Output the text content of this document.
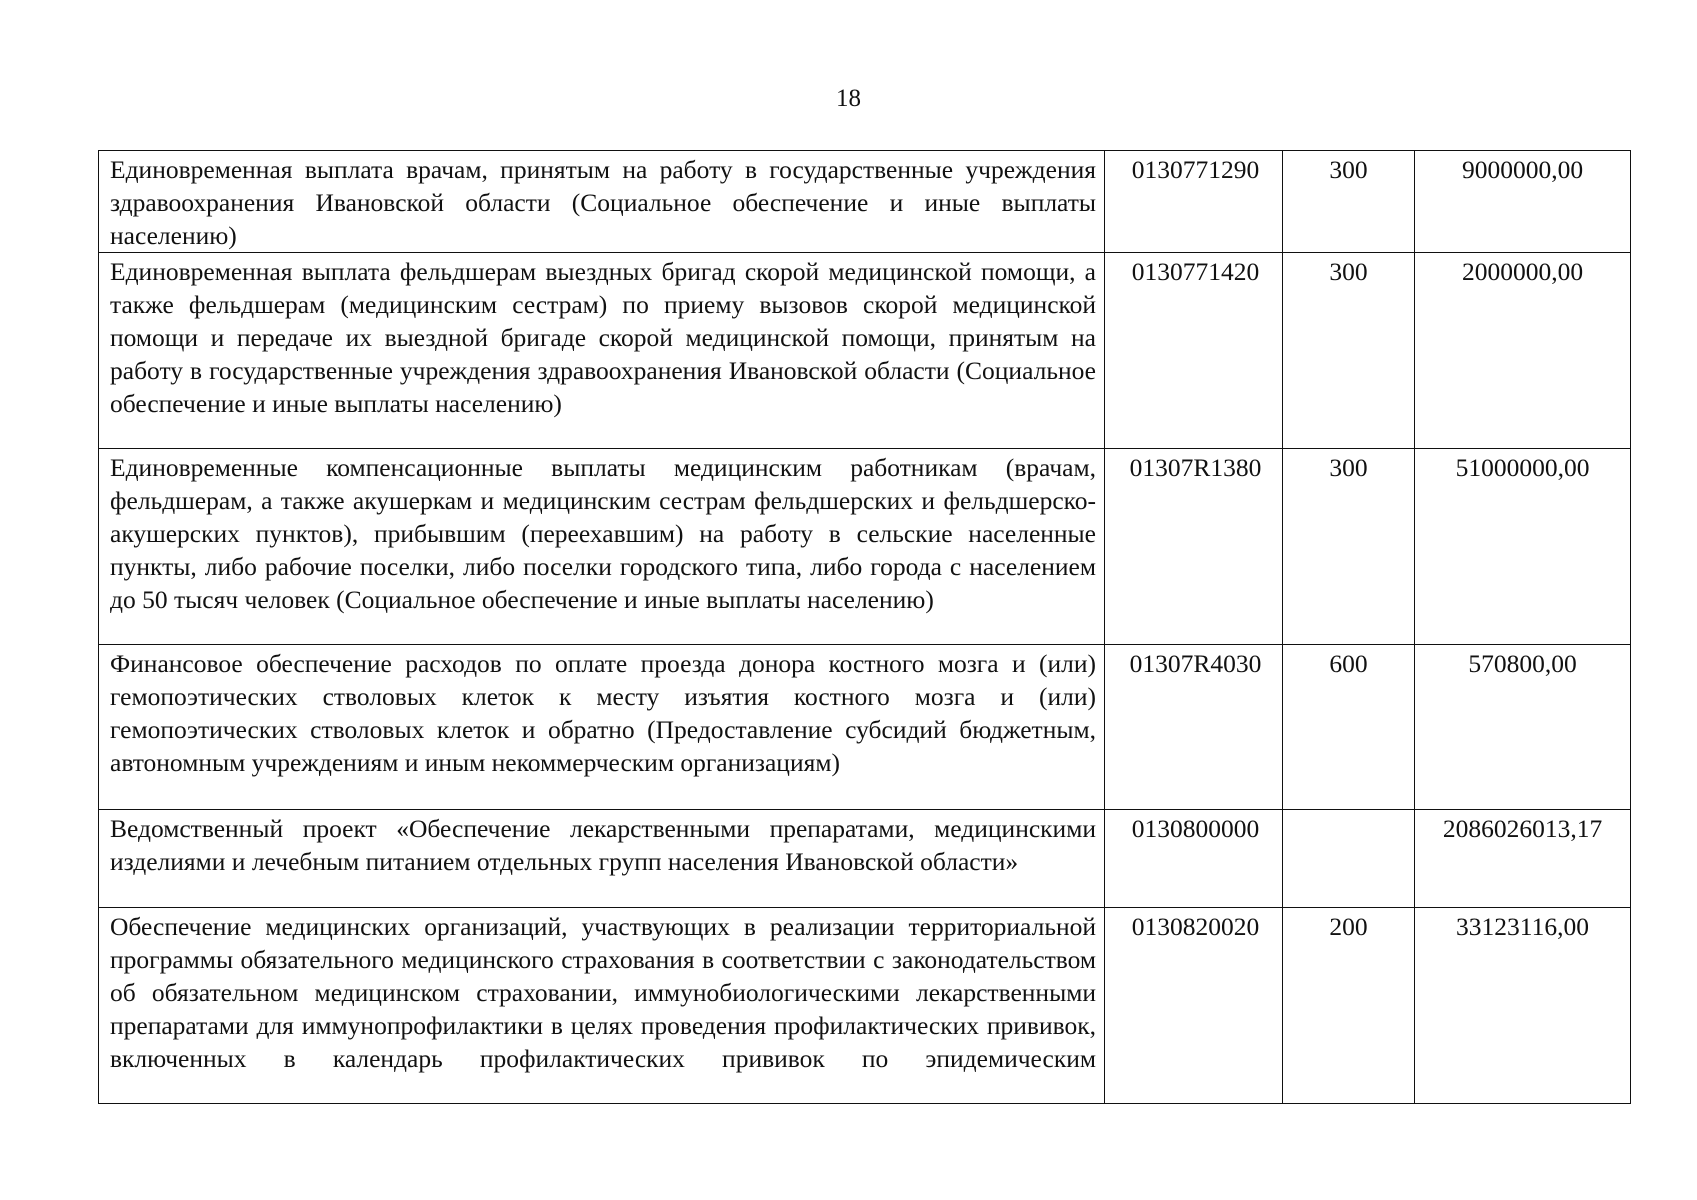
18
Единовременная выплата врачам, принятым на работу в государственные учреждения здравоохранения Ивановской области (Социальное обеспечение и иные выплаты населению)	0130771290	300	9000000,00
Единовременная выплата фельдшерам выездных бригад скорой медицинской помощи, а также фельдшерам (медицинским сестрам) по приему вызовов скорой медицинской помощи и передаче их выездной бригаде скорой медицинской помощи, принятым на работу в государственные учреждения здравоохранения Ивановской области (Социальное обеспечение и иные выплаты населению)	0130771420	300	2000000,00
Единовременные компенсационные выплаты медицинским работникам (врачам, фельдшерам, а также акушеркам и медицинским сестрам фельдшерских и фельдшерско-акушерских пунктов), прибывшим (переехавшим) на работу в сельские населенные пункты, либо рабочие поселки, либо поселки городского типа, либо города с населением до 50 тысяч человек (Социальное обеспечение и иные выплаты населению)	01307R1380	300	51000000,00
Финансовое обеспечение расходов по оплате проезда донора костного мозга и (или) гемопоэтических стволовых клеток к месту изъятия костного мозга и (или) гемопоэтических стволовых клеток и обратно (Предоставление субсидий бюджетным, автономным учреждениям и иным некоммерческим организациям)	01307R4030	600	570800,00
Ведомственный проект «Обеспечение лекарственными препаратами, медицинскими изделиями и лечебным питанием отдельных групп населения Ивановской области»	0130800000		2086026013,17
Обеспечение медицинских организаций, участвующих в реализации территориальной программы обязательного медицинского страхования в соответствии с законодательством об обязательном медицинском страховании, иммунобиологическими лекарственными препаратами для иммунопрофилактики в целях проведения профилактических прививок, включенных в календарь профилактических прививок по эпидемическим	0130820020	200	33123116,00
